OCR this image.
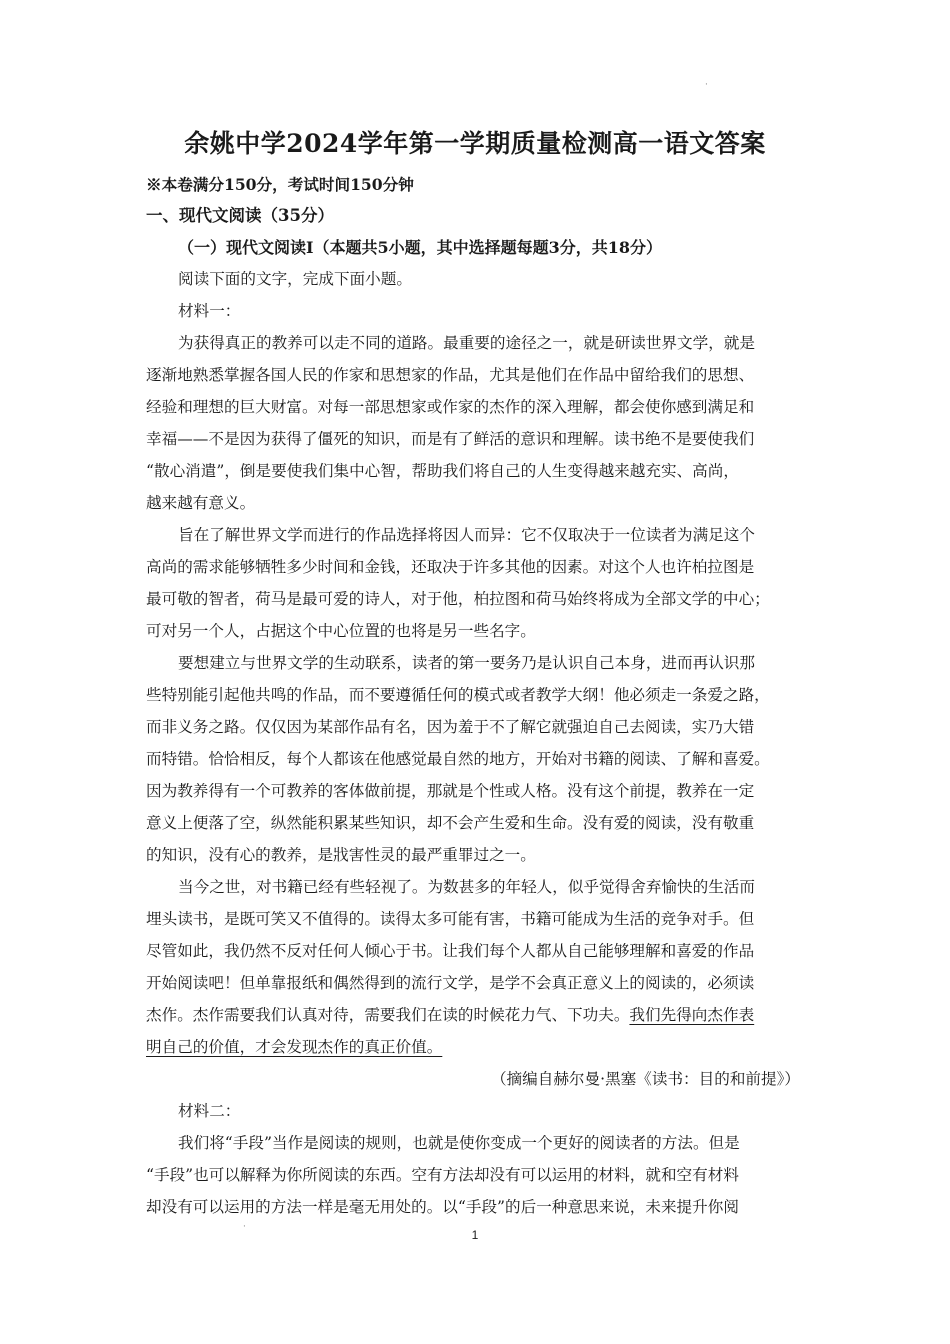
·
余姚中学2024学年第一学期质量检测高一语文答案
※本卷满分150分，考试时间150分钟
一、现代文阅读（35分）
（一）现代文阅读Ⅰ（本题共5小题，其中选择题每题3分，共18分）
阅读下面的文字，完成下面小题。
材料一：
为获得真正的教养可以走不同的道路。最重要的途径之一，就是研读世界文学，就是
逐渐地熟悉掌握各国人民的作家和思想家的作品，尤其是他们在作品中留给我们的思想、
经验和理想的巨大财富。对每一部思想家或作家的杰作的深入理解，都会使你感到满足和
幸福——不是因为获得了僵死的知识，而是有了鲜活的意识和理解。读书绝不是要使我们
“散心消遣”，倒是要使我们集中心智，帮助我们将自己的人生变得越来越充实、高尚，
越来越有意义。
旨在了解世界文学而进行的作品选择将因人而异：它不仅取决于一位读者为满足这个
高尚的需求能够牺牲多少时间和金钱，还取决于许多其他的因素。对这个人也许柏拉图是
最可敬的智者，荷马是最可爱的诗人，对于他，柏拉图和荷马始终将成为全部文学的中心；
可对另一个人，占据这个中心位置的也将是另一些名字。
要想建立与世界文学的生动联系，读者的第一要务乃是认识自己本身，进而再认识那
些特别能引起他共鸣的作品，而不要遵循任何的模式或者教学大纲！他必须走一条爱之路，
而非义务之路。仅仅因为某部作品有名，因为羞于不了解它就强迫自己去阅读，实乃大错
而特错。恰恰相反，每个人都该在他感觉最自然的地方，开始对书籍的阅读、了解和喜爱。
因为教养得有一个可教养的客体做前提，那就是个性或人格。没有这个前提，教养在一定
意义上便落了空，纵然能积累某些知识，却不会产生爱和生命。没有爱的阅读，没有敬重
的知识，没有心的教养，是戕害性灵的最严重罪过之一。
当今之世，对书籍已经有些轻视了。为数甚多的年轻人，似乎觉得舍弃愉快的生活而
埋头读书，是既可笑又不值得的。读得太多可能有害，书籍可能成为生活的竞争对手。但
尽管如此，我仍然不反对任何人倾心于书。让我们每个人都从自己能够理解和喜爱的作品
开始阅读吧！但单靠报纸和偶然得到的流行文学，是学不会真正意义上的阅读的，必须读
杰作。杰作需要我们认真对待，需要我们在读的时候花力气、下功夫。我们先得向杰作表
明自己的价值，才会发现杰作的真正价值。
（摘编自赫尔曼·黑塞《读书：目的和前提》）
材料二：
我们将“手段”当作是阅读的规则，也就是使你变成一个更好的阅读者的方法。但是
“手段”也可以解释为你所阅读的东西。空有方法却没有可以运用的材料，就和空有材料
却没有可以运用的方法一样是毫无用处的。以“手段”的后一种意思来说，未来提升你阅
·
1
